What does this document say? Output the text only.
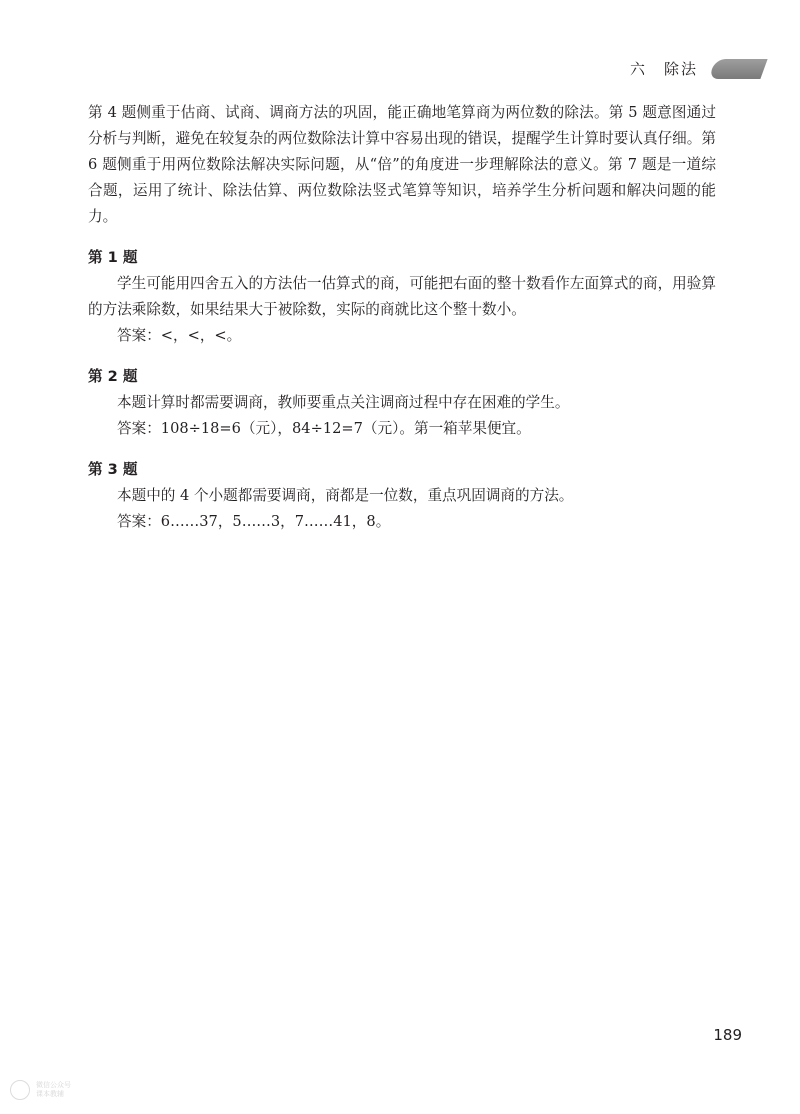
六　除法

第 4 题侧重于估商、试商、调商方法的巩固，能正确地笔算商为两位数的除法。第 5 题意图通过分析与判断，避免在较复杂的两位数除法计算中容易出现的错误，提醒学生计算时要认真仔细。第 6 题侧重于用两位数除法解决实际问题，从“倍”的角度进一步理解除法的意义。第 7 题是一道综合题，运用了统计、除法估算、两位数除法竖式笔算等知识，培养学生分析问题和解决问题的能力。

第 1 题

学生可能用四舍五入的方法估一估算式的商，可能把右面的整十数看作左面算式的商，用验算的方法乘除数，如果结果大于被除数，实际的商就比这个整十数小。

答案：<，<，<。

第 2 题

本题计算时都需要调商，教师要重点关注调商过程中存在困难的学生。

答案：108÷18=6（元），84÷12=7（元）。第一箱苹果便宜。

第 3 题

本题中的 4 个小题都需要调商，商都是一位数，重点巩固调商的方法。

答案：6……37，5……3，7……41，8。

189
微信公众号
课本教辅
